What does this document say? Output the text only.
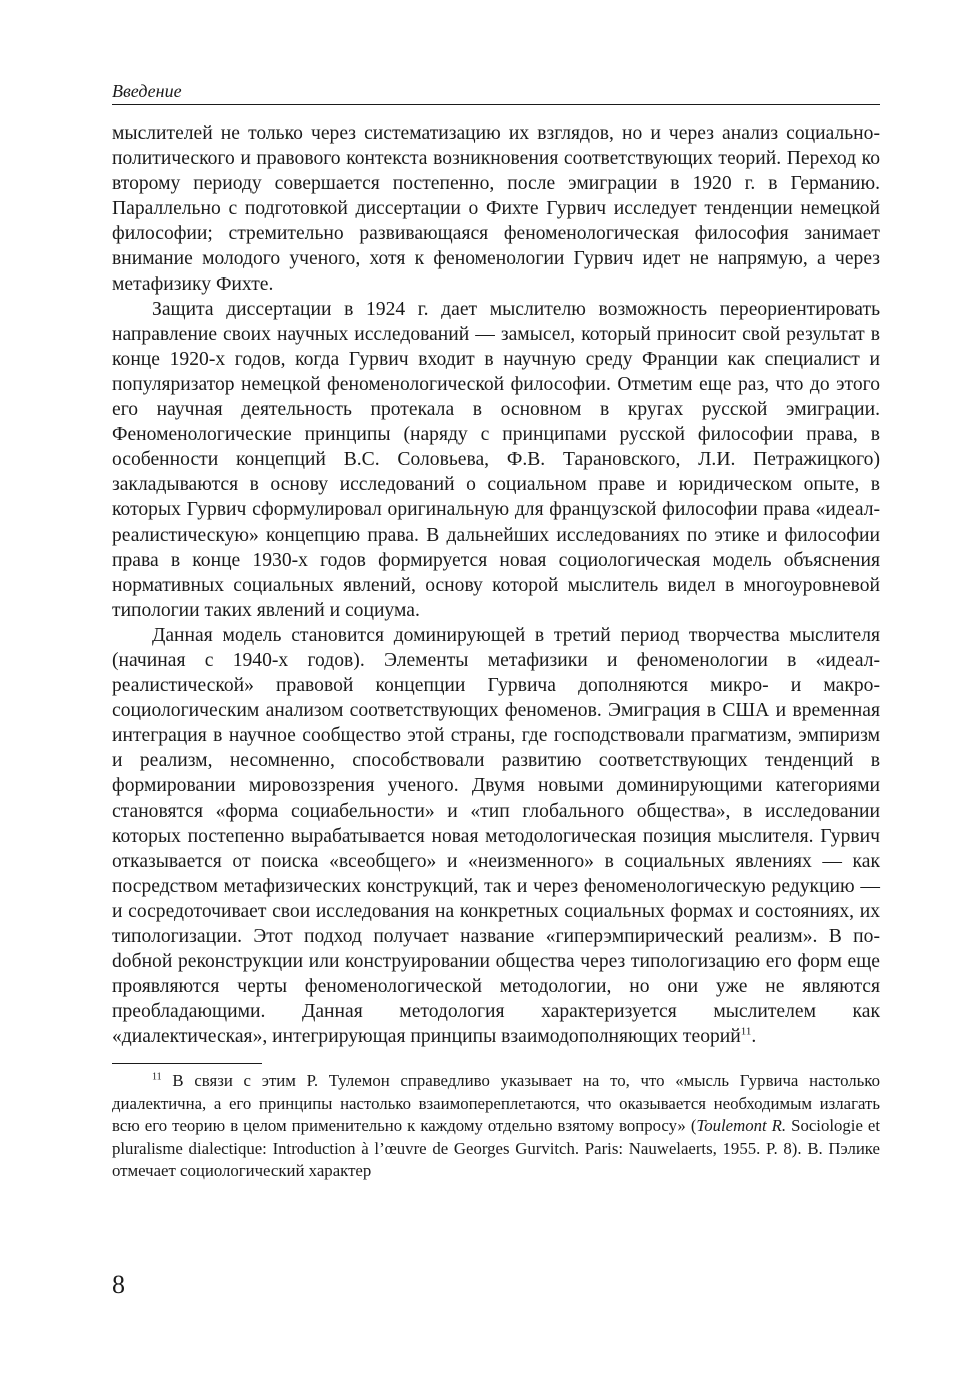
Введение

мыслителей не только через систематизацию их взглядов, но и через анализ социально-политического и правового контекста возникновения соответствующих теорий. Переход ко второму периоду совершается постепенно, после эмиграции в 1920 г. в Германию. Параллельно с подготовкой диссертации о Фихте Гурвич исследует тенденции немецкой философии; стремительно развивающаяся феноменологическая философия занимает внимание молодого ученого, хотя к феноменологии Гурвич идет не напрямую, а через метафизику Фихте.

Защита диссертации в 1924 г. дает мыслителю возможность переориентировать направление своих научных исследований — замысел, который приносит свой результат в конце 1920-х годов, когда Гурвич входит в научную среду Франции как специалист и популяризатор немецкой феноменологической философии. Отметим еще раз, что до этого его научная деятельность протекала в основном в кругах русской эмиграции. Феноменологические принципы (наряду с принципами русской философии права, в особенности концепций В.С. Соловьева, Ф.В. Тарановского, Л.И. Петражицкого) закладываются в основу исследований о социальном праве и юридическом опыте, в которых Гурвич сформулировал оригинальную для французской философии права «идеал-реалистическую» концепцию права. В дальнейших исследованиях по этике и философии права в конце 1930-х годов формируется новая социологическая модель объяснения нормативных социальных явлений, основу которой мыслитель видел в многоуровневой типологии таких явлений и социума.

Данная модель становится доминирующей в третий период творчества мыслителя (начиная с 1940-х годов). Элементы метафизики и феноменологии в «идеал-реалистической» правовой концепции Гурвича дополняются микро- и макросоциологическим анализом соответствующих феноменов. Эмиграция в США и временная интеграция в научное сообщество этой страны, где господствовали прагматизм, эмпиризм и реализм, несомненно, способствовали развитию соответствующих тенденций в формировании мировоззрения ученого. Двумя новыми доминирующими категориями становятся «форма социабельности» и «тип глобального общества», в исследовании которых постепенно вырабатывается новая методологическая позиция мыслителя. Гурвич отказывается от поиска «всеобщего» и «неизменного» в социальных явлениях — как посредством метафизических конструкций, так и через феноменологическую редукцию — и сосредоточивает свои исследования на конкретных социальных формах и состояниях, их типологизации. Этот подход получает название «гиперэмпирический реализм». В поdобной реконструкции или конструировании общества через типологизацию его форм еще проявляются черты феноменологической методологии, но они уже не являются преобладающими. Данная методология характеризуется мыслителем как «диалектическая», интегрирующая принципы взаимодополняющих теорий$^{11}$.

$^{11}$ В связи с этим Р. Тулемон справедливо указывает на то, что «мысль Гурвича настолько диалектична, а его принципы настолько взаимопереплетаются, что оказывается необходимым излагать всю его теорию в целом применительно к каждому отдельно взятому вопросу» (Toulemont R. Sociologie et pluralisme dialectique: Introduction à l’œuvre de Georges Gurvitch. Paris: Nauwelaerts, 1955. P. 8). В. Пэлике отмечает социологический характер
8
